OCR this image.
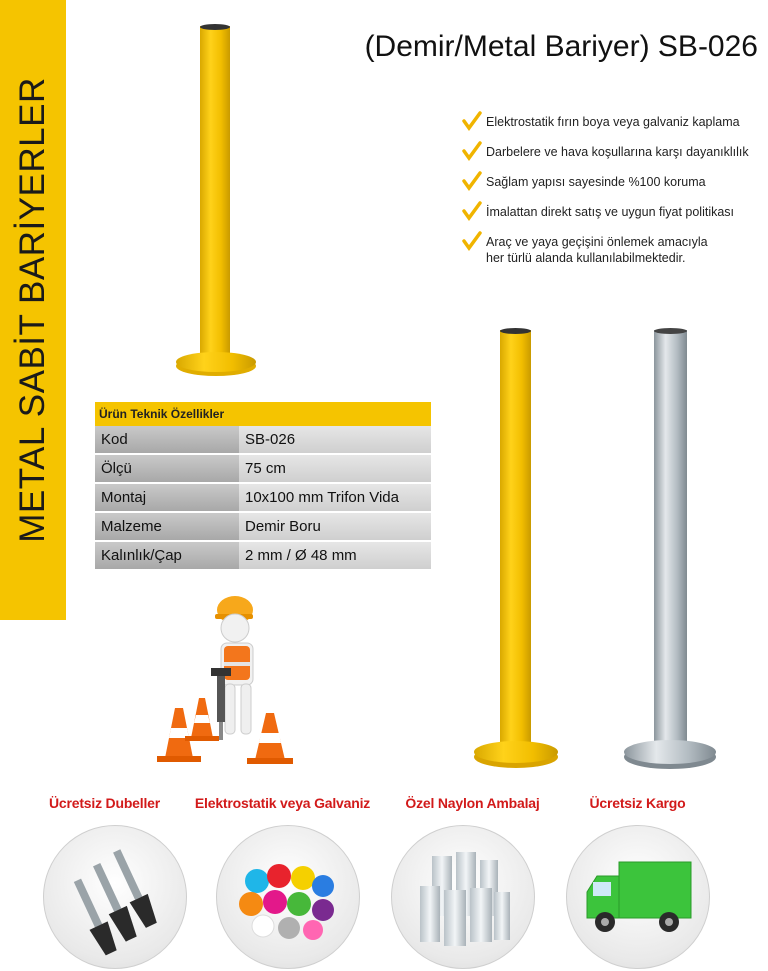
METAL SABİT BARİYERLER
(Demir/Metal Bariyer) SB-026
Elektrostatik fırın boya veya galvaniz kaplama
Darbelere ve hava koşullarına karşı dayanıklılık
Sağlam yapısı sayesinde %100 koruma
İmalattan direkt satış ve uygun fiyat politikası
Araç ve yaya geçişini önlemek amacıyla
her türlü alanda kullanılabilmektedir.
Ürün Teknik Özellikler	
Kod	SB-026
Ölçü	75 cm
Montaj	10x100 mm Trifon Vida
Malzeme	Demir Boru
Kalınlık/Çap	2 mm / Ø 48 mm
Ücretsiz Dubeller	Elektrostatik veya Galvaniz	Özel Naylon Ambalaj	Ücretsiz Kargo
